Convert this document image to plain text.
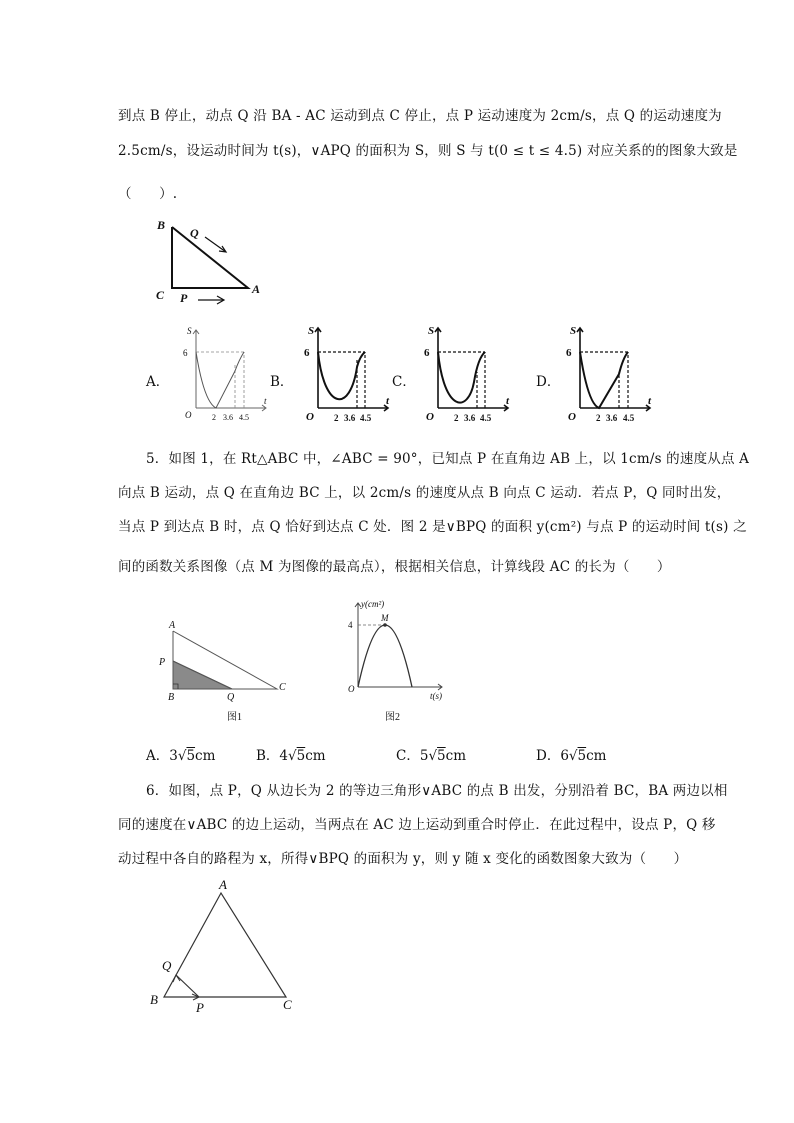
到点 B 停止，动点 Q 沿 BA - AC 运动到点 C 停止，点 P 运动速度为 2cm/s，点 Q 的运动速度为
2.5cm/s，设运动时间为 t(s)，∨APQ 的面积为 S，则 S 与 t(0 ≤ t ≤ 4.5) 对应关系的的图象大致是
（　　）.
B
C	A
Q
P
A．
S
t
6
O	2 3.6 4.5
B．
S
t
6
O 2 3.6 4.5
C．
S
t
6
O 2 3.6 4.5
D．
S
t
6
O 2 3.6 4.5
5．如图 1，在 Rt△ABC 中，∠ABC = 90°，已知点 P 在直角边 AB 上，以 1cm/s 的速度从点 A
向点 B 运动，点 Q 在直角边 BC 上，以 2cm/s 的速度从点 B 向点 C 运动．若点 P，Q 同时出发，
当点 P 到达点 B 时，点 Q 恰好到达点 C 处．图 2 是∨BPQ 的面积 y(cm²) 与点 P 的运动时间 t(s) 之
间的函数关系图像（点 M 为图像的最高点），根据相关信息，计算线段 AC 的长为（　　）
A
P
B	Q
C
图1
y(cm²)
t(s)
O
4
M
图2
A．3√5cm	B．4√5cm	C．5√5cm	D．6√5cm
6．如图，点 P，Q 从边长为 2 的等边三角形∨ABC 的点 B 出发，分别沿着 BC，BA 两边以相
同的速度在∨ABC 的边上运动，当两点在 AC 边上运动到重合时停止．在此过程中，设点 P，Q 移
动过程中各自的路程为 x，所得∨BPQ 的面积为 y，则 y 随 x 变化的函数图象大致为（　　）
A
Q
B
P	C
